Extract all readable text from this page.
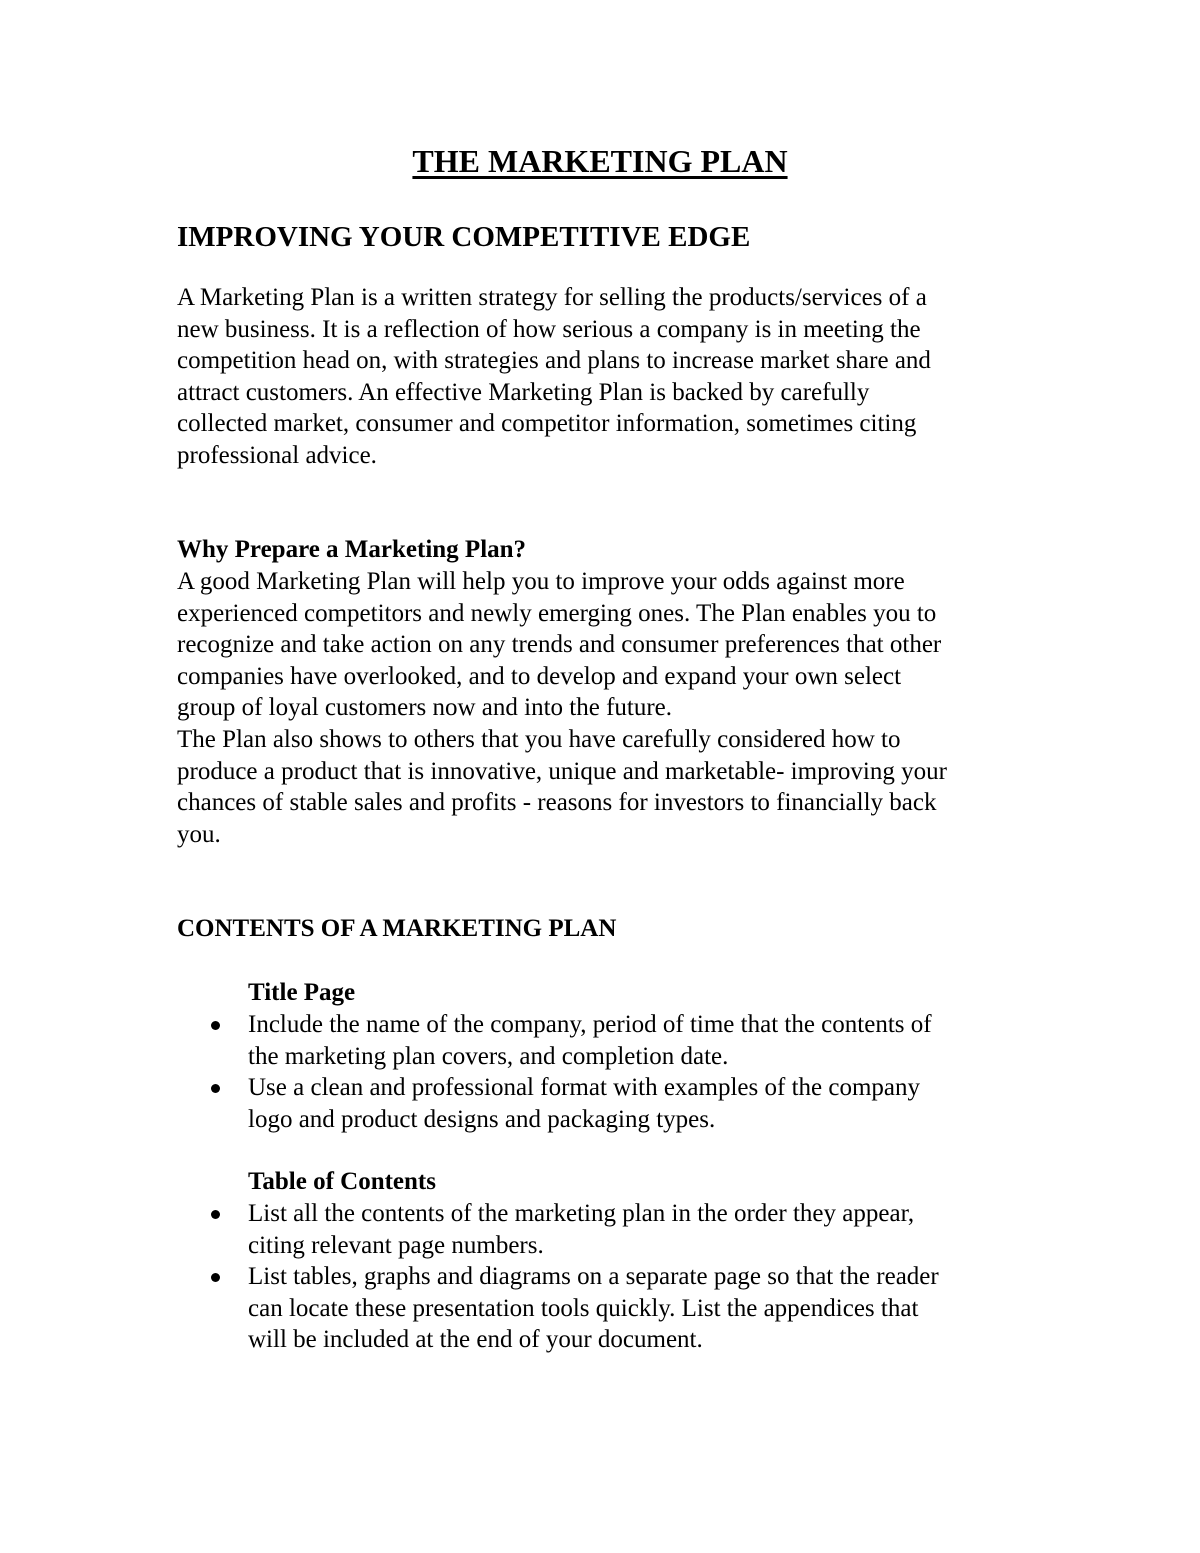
THE MARKETING PLAN
IMPROVING YOUR COMPETITIVE EDGE

A Marketing Plan is a written strategy for selling the products/services of a
new business. It is a reflection of how serious a company is in meeting the
competition head on, with strategies and plans to increase market share and
attract customers. An effective Marketing Plan is backed by carefully
collected market, consumer and competitor information, sometimes citing
professional advice.

Why Prepare a Marketing Plan?

A good Marketing Plan will help you to improve your odds against more
experienced competitors and newly emerging ones. The Plan enables you to
recognize and take action on any trends and consumer preferences that other
companies have overlooked, and to develop and expand your own select
group of loyal customers now and into the future.
The Plan also shows to others that you have carefully considered how to
produce a product that is innovative, unique and marketable- improving your
chances of stable sales and profits - reasons for investors to financially back
you.

CONTENTS OF A MARKETING PLAN
Title Page
Include the name of the company, period of time that the contents of
the marketing plan covers, and completion date.
Use a clean and professional format with examples of the company
logo and product designs and packaging types.
Table of Contents
List all the contents of the marketing plan in the order they appear,
citing relevant page numbers.
List tables, graphs and diagrams on a separate page so that the reader
can locate these presentation tools quickly. List the appendices that
will be included at the end of your document.
